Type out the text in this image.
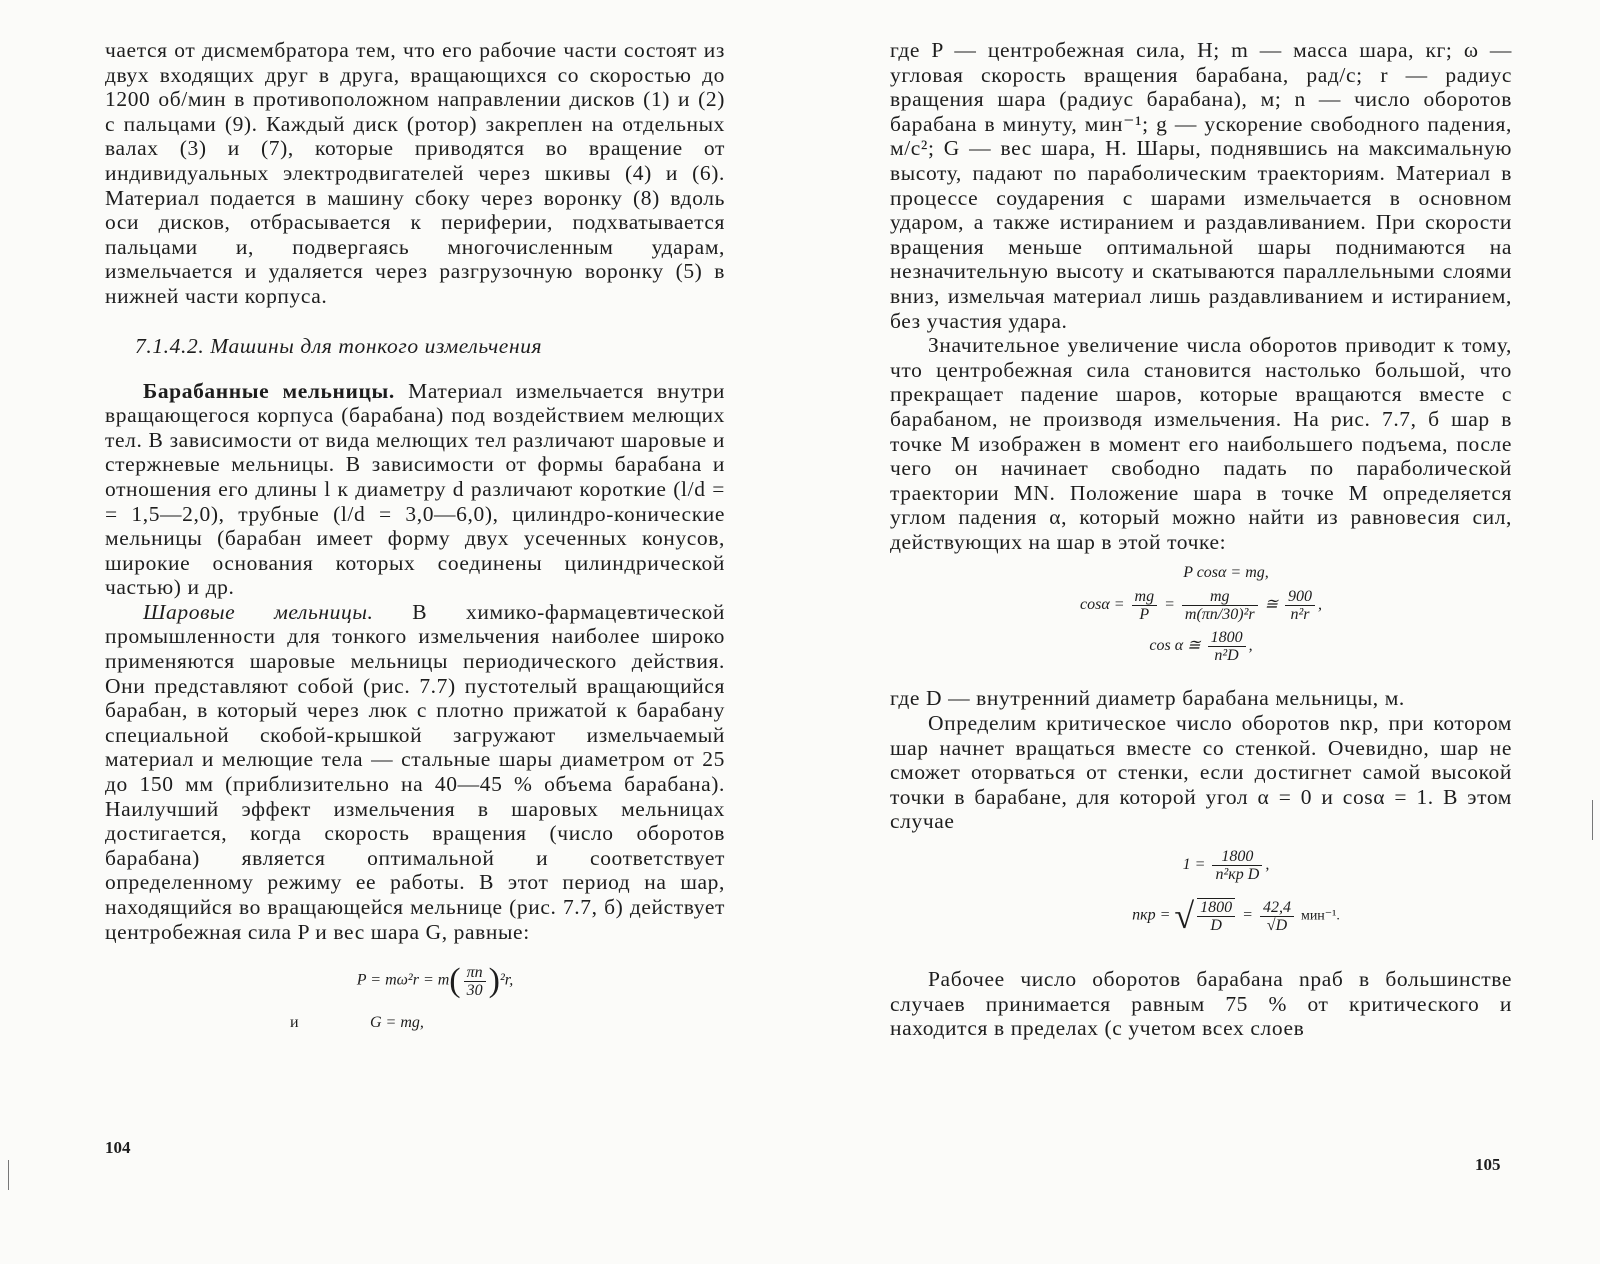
чается от дисмембратора тем, что его рабочие части состоят из двух входящих друг в друга, вращающихся со скоростью до 1200 об/мин в противоположном направлении дисков (1) и (2) с пальцами (9). Каждый диск (ротор) закреплен на отдельных валах (3) и (7), которые приводятся во вращение от индивидуальных электродвигателей через шкивы (4) и (6). Материал подается в машину сбоку через воронку (8) вдоль оси дисков, отбрасывается к периферии, подхватывается пальцами и, подвергаясь многочисленным ударам, измельчается и удаляется через разгрузочную воронку (5) в нижней части корпуса.

7.1.4.2. Машины для тонкого измельчения

Барабанные мельницы. Материал измельчается внутри вращающегося корпуса (барабана) под воздействием мелющих тел. В зависимости от вида мелющих тел различают шаровые и стержневые мельницы. В зависимости от формы барабана и отношения его длины l к диаметру d различают короткие (l/d = = 1,5—2,0), трубные (l/d = 3,0—6,0), цилиндро-конические мельницы (барабан имеет форму двух усеченных конусов, широкие основания которых соединены цилиндрической частью) и др.

Шаровые мельницы. В химико-фармацевтической промышленности для тонкого измельчения наиболее широко применяются шаровые мельницы периодического действия. Они представляют собой (рис. 7.7) пустотелый вращающийся барабан, в который через люк с плотно прижатой к барабану специальной скобой-крышкой загружают измельчаемый материал и мелющие тела — стальные шары диаметром от 25 до 150 мм (приблизительно на 40—45 % объема барабана). Наилучший эффект измельчения в шаровых мельницах достигается, когда скорость вращения (число оборотов барабана) является оптимальной и соответствует определенному режиму ее работы. В этот период на шар, находящийся во вращающейся мельнице (рис. 7.7, б) действует центробежная сила P и вес шара G, равные:

$P = m\omega^2r = m( \frac{\pi n}{30} )^2r$,
и	G = mg,
104

где P — центробежная сила, Н; m — масса шара, кг; ω — угловая скорость вращения барабана, рад/с; r — радиус вращения шара (радиус барабана), м; n — число оборотов барабана в минуту, мин⁻¹; g — ускорение свободного падения, м/с²; G — вес шара, Н. Шары, поднявшись на максимальную высоту, падают по параболическим траекториям. Материал в процессе соударения с шарами измельчается в основном ударом, а также истиранием и раздавливанием. При скорости вращения меньше оптимальной шары поднимаются на незначительную высоту и скатываются параллельными слоями вниз, измельчая материал лишь раздавливанием и истиранием, без участия удара.

Значительное увеличение числа оборотов приводит к тому, что центробежная сила становится настолько большой, что прекращает падение шаров, которые вращаются вместе с барабаном, не производя измельчения. На рис. 7.7, б шар в точке М изображен в момент его наибольшего подъема, после чего он начинает свободно падать по параболической траектории MN. Положение шара в точке М определяется углом падения α, который можно найти из равновесия сил, действующих на шар в этой точке:

P cosα = mg,
$\cos\alpha = \frac{mg}{P} = \frac{mg}{\text{m(πn/30)²r}}$ ≅ $\frac{900}{\text{n²r}}$ ,
cos α ≅ $\frac{1800}{\text{n²D}}$ ,

где D — внутренний диаметр барабана мельницы, м.

Определим критическое число оборотов nкр, при котором шар начнет вращаться вместе со стенкой. Очевидно, шар не сможет оторваться от стенки, если достигнет самой высокой точки в барабане, для которой угол α = 0 и cosα = 1. В этом случае

$1 = \frac{1800}{\text{n²кр D}}$ ,
nкр = √ $\frac{1800}{D} = \frac{42,4}{√D} мин^{-1}$.

Рабочее число оборотов барабана nраб в большинстве случаев принимается равным 75 % от критического и находится в пределах (с учетом всех слоев

105
